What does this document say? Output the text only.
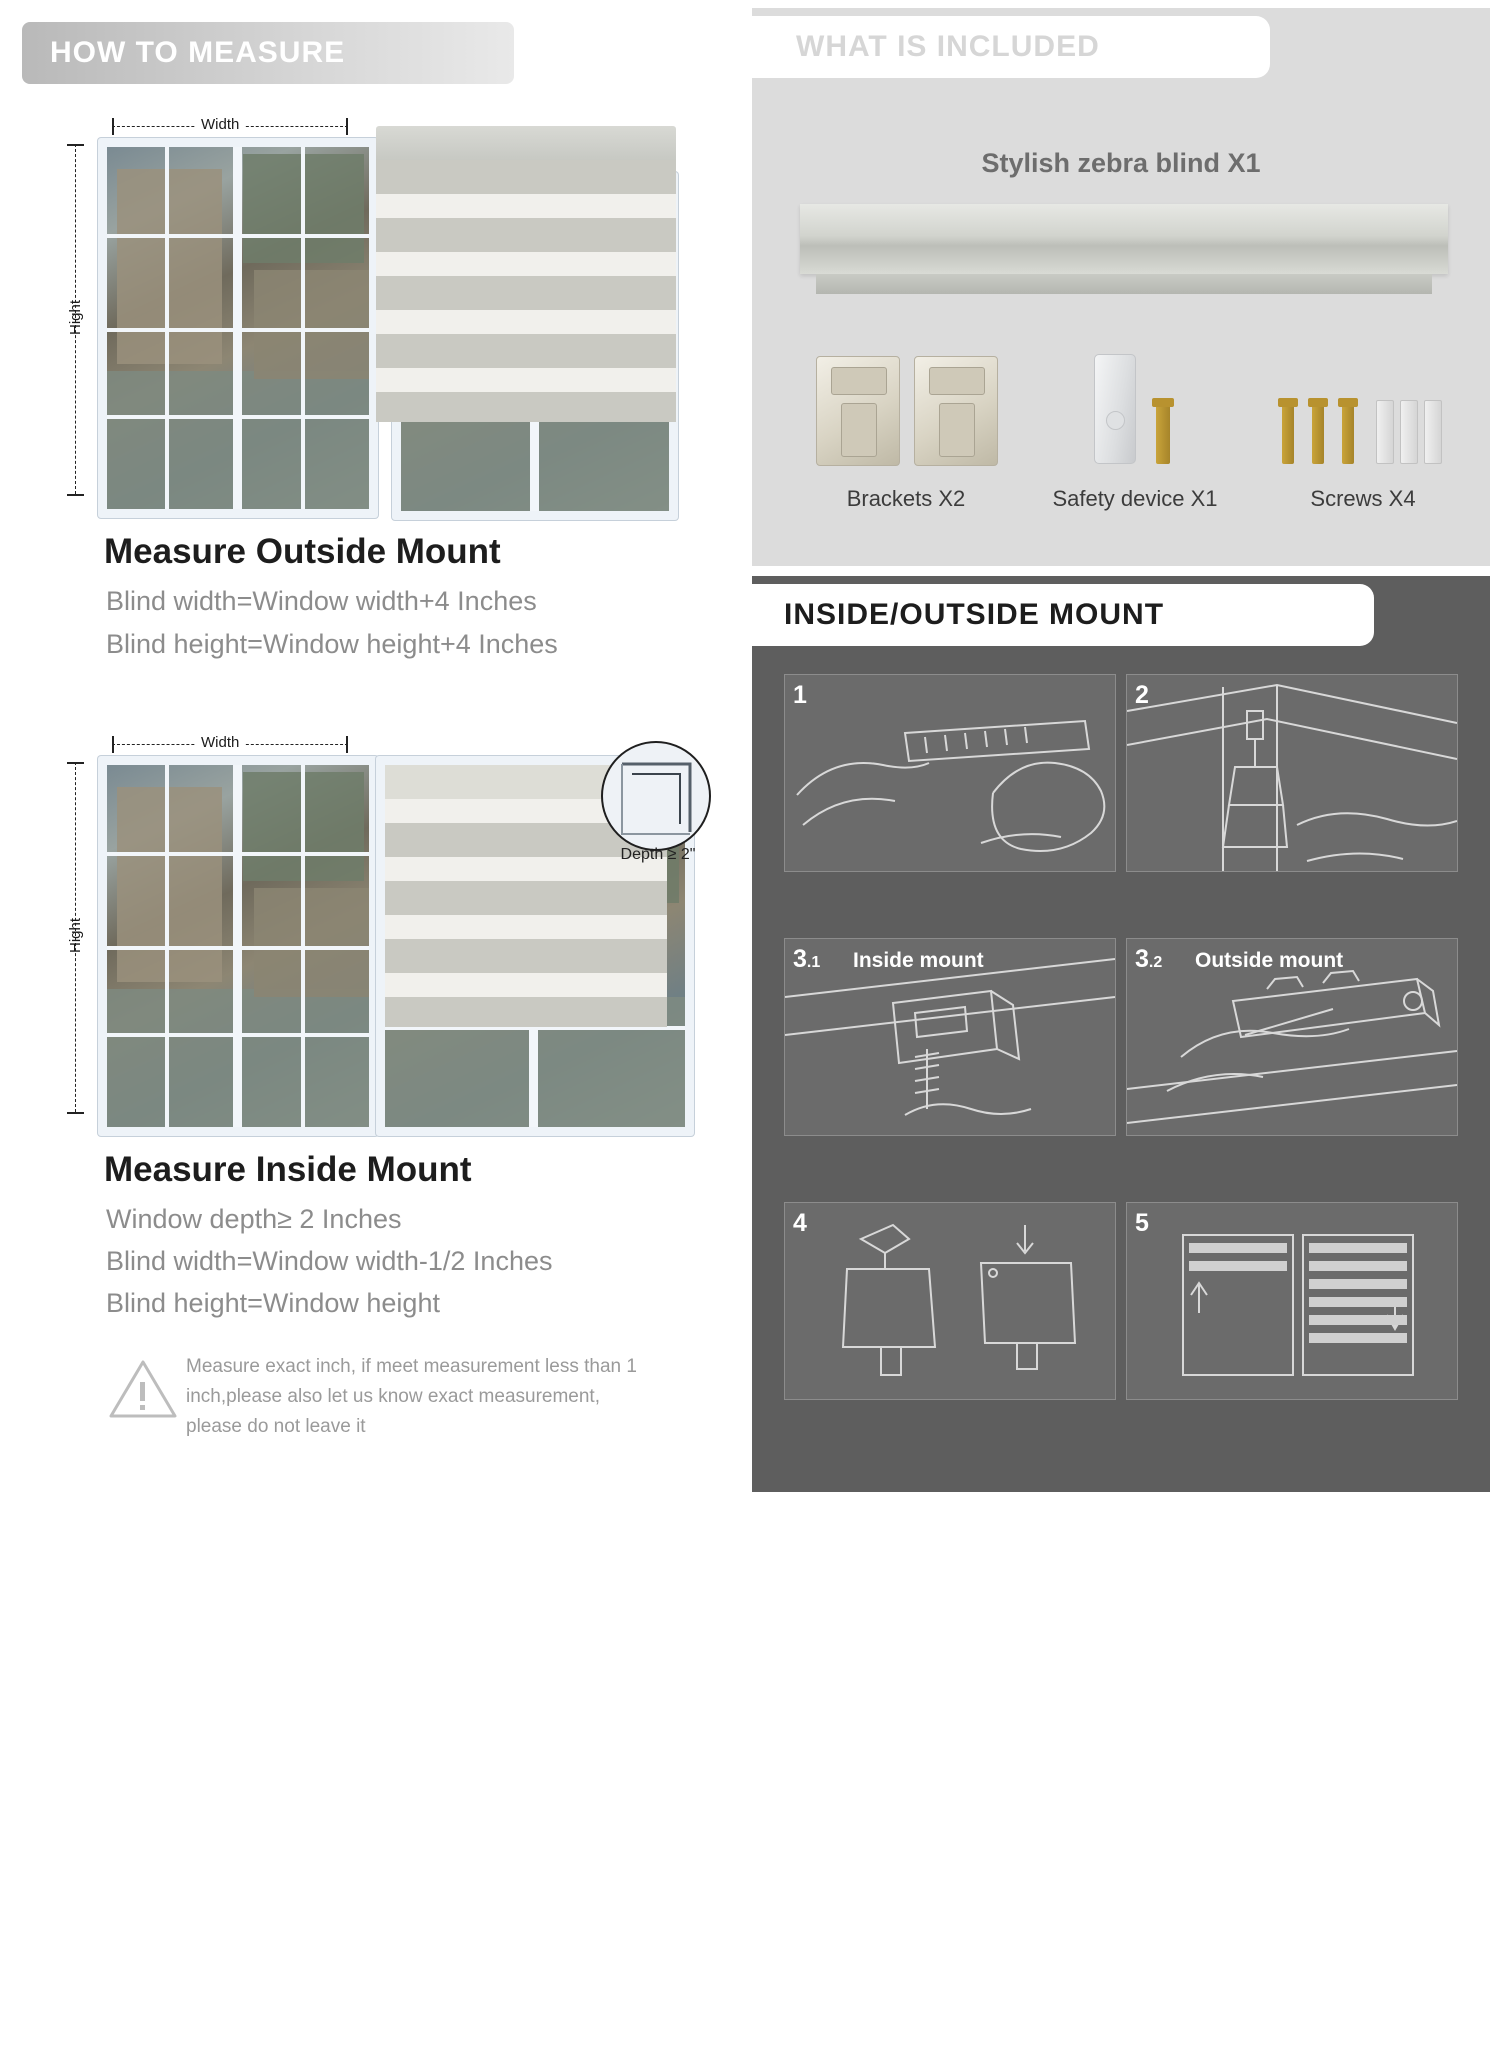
HOW TO MEASURE
Width
Hight
Measure Outside Mount
Blind width=Window width+4 Inches
Blind height=Window height+4 Inches
Width
Hight
Depth ≥ 2"
Measure Inside Mount
Window depth≥ 2 Inches
Blind width=Window width-1/2 Inches
Blind height=Window height

Measure exact inch, if meet measurement less than 1 inch,please also let us know exact measurement, please do not leave it

WHAT IS INCLUDED
Stylish zebra blind X1
Brackets X2	Safety device X1	Screws X4
INSIDE/OUTSIDE MOUNT
1	2
3.1 Inside mount
Drill holes & Inside bracket
3.2 Outside mount
Drill holes & Inside bracket
4
Install the blind
5
Finish
